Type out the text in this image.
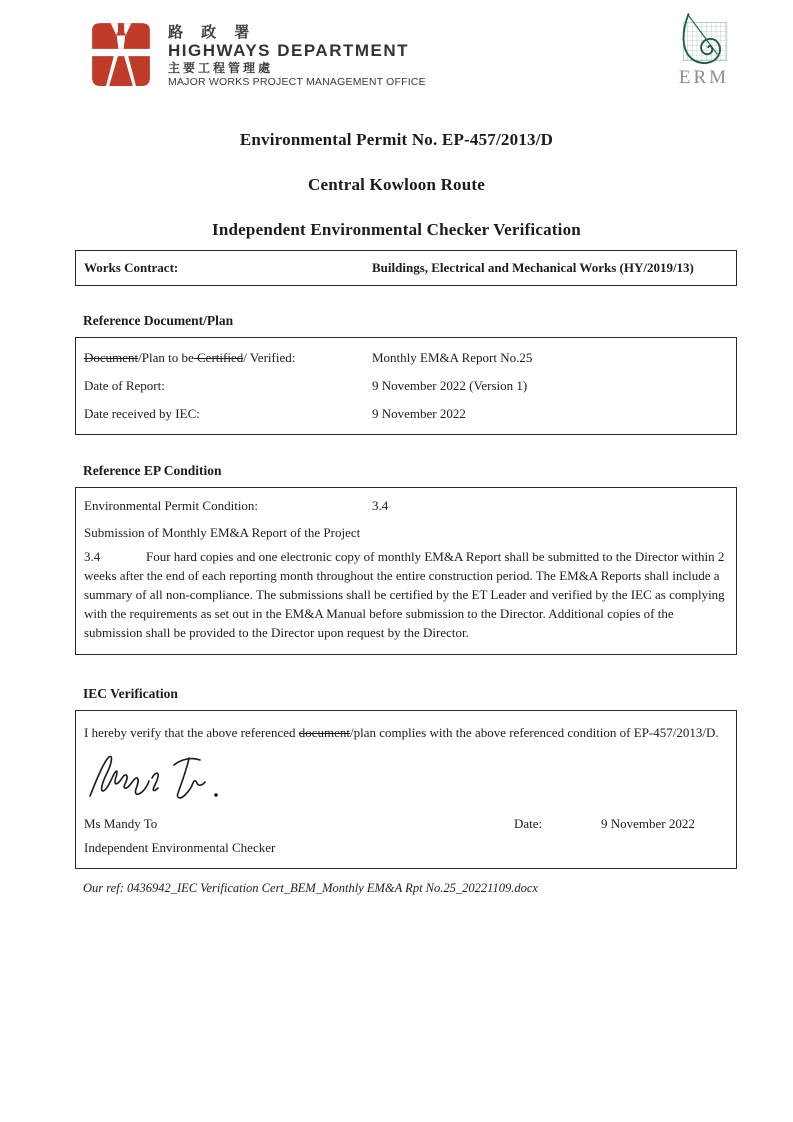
路 政 署
HIGHWAYS DEPARTMENT
主要工程管理處
MAJOR WORKS PROJECT MANAGEMENT OFFICE	ERM
Environmental Permit No. EP-457/2013/D
Central Kowloon Route
Independent Environmental Checker Verification
Works Contract:	Buildings, Electrical and Mechanical Works (HY/2019/13)
Reference Document/Plan
Document/Plan to be Certified/ Verified:	Monthly EM&A Report No.25
Date of Report:	9 November 2022 (Version 1)
Date received by IEC:	9 November 2022
Reference EP Condition
Environmental Permit Condition:	3.4
Submission of Monthly EM&A Report of the Project

3.4	Four hard copies and one electronic copy of monthly EM&A Report shall be submitted to the Director within 2 weeks after the end of each reporting month throughout the entire construction period. The EM&A Reports shall include a summary of all non-compliance. The submissions shall be certified by the ET Leader and verified by the IEC as complying with the requirements as set out in the EM&A Manual before submission to the Director. Additional copies of the submission shall be provided to the Director upon request by the Director.

IEC Verification
I hereby verify that the above referenced document/plan complies with the above referenced condition of EP-457/2013/D.
Ms Mandy To	Date:	9 November 2022
Independent Environmental Checker
Our ref: 0436942_IEC Verification Cert_BEM_Monthly EM&A Rpt No.25_20221109.docx
